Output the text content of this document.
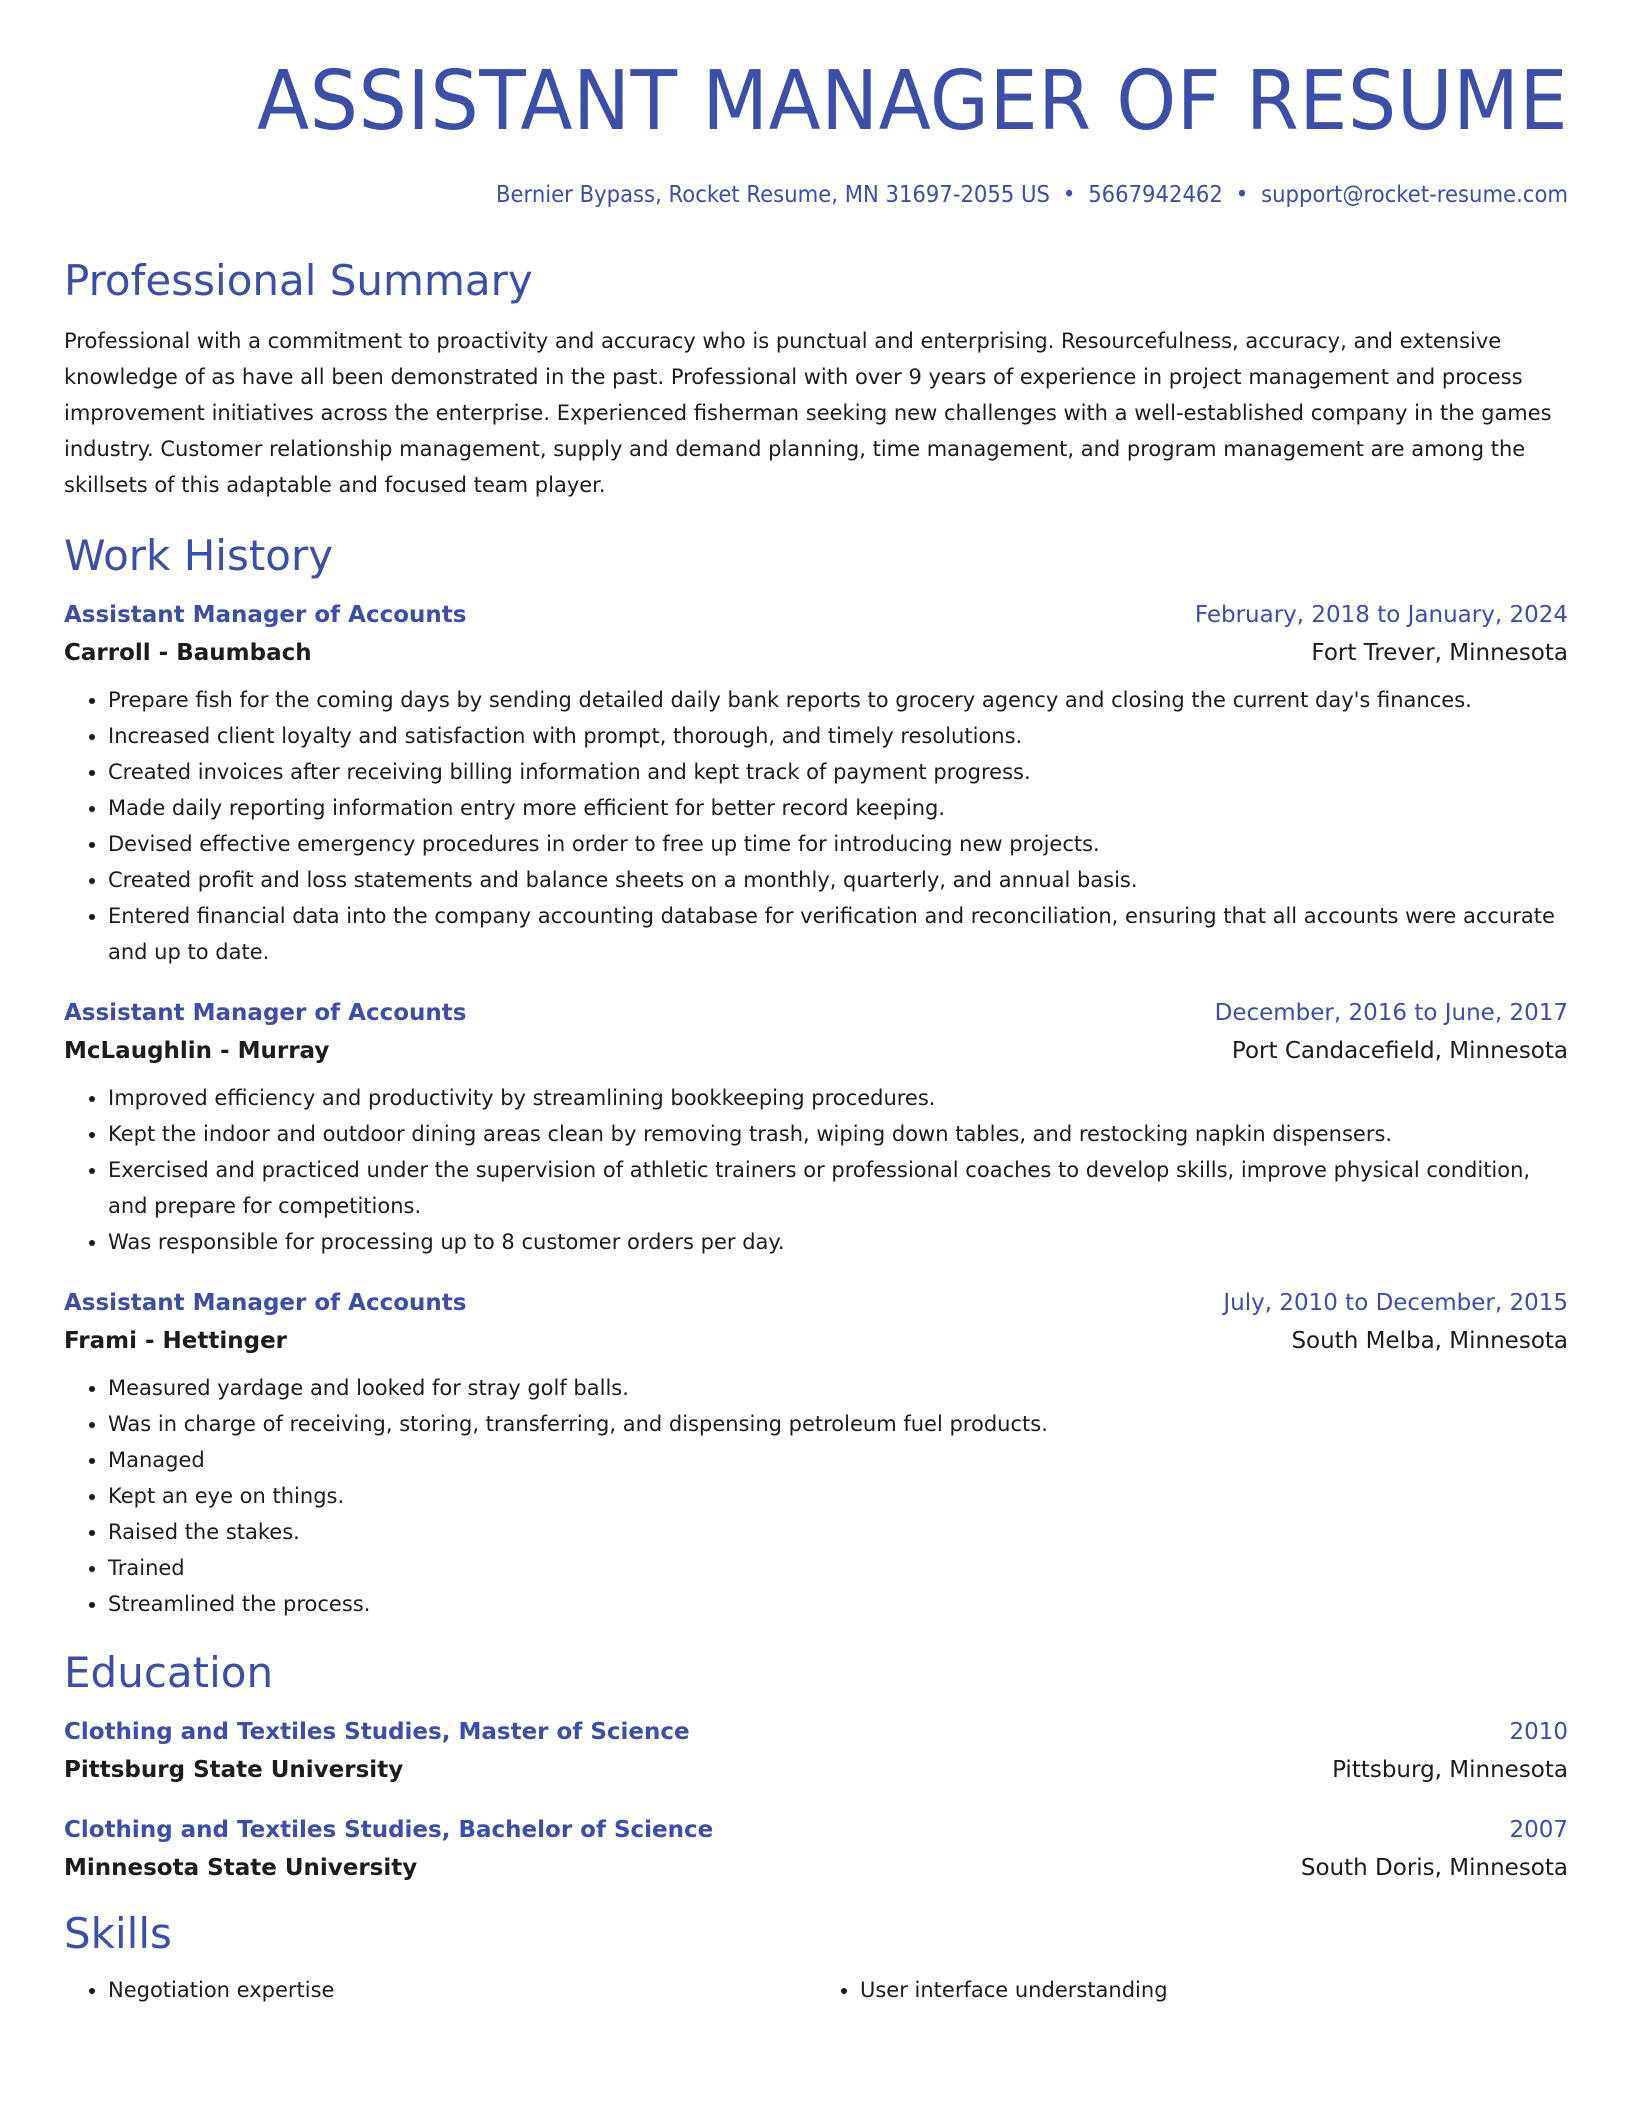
ASSISTANT MANAGER OF RESUME
Bernier Bypass, Rocket Resume, MN 31697-2055 US • 5667942462 • support@rocket-resume.com
Professional Summary
Professional with a commitment to proactivity and accuracy who is punctual and enterprising. Resourcefulness, accuracy, and extensive knowledge of as have all been demonstrated in the past. Professional with over 9 years of experience in project management and process improvement initiatives across the enterprise. Experienced fisherman seeking new challenges with a well-established company in the games industry. Customer relationship management, supply and demand planning, time management, and program management are among the skillsets of this adaptable and focused team player.
Work History
Assistant Manager of Accounts	February, 2018 to January, 2024
Carroll - Baumbach	Fort Trever, Minnesota
• Prepare fish for the coming days by sending detailed daily bank reports to grocery agency and closing the current day's finances.
• Increased client loyalty and satisfaction with prompt, thorough, and timely resolutions.
• Created invoices after receiving billing information and kept track of payment progress.
• Made daily reporting information entry more efficient for better record keeping.
• Devised effective emergency procedures in order to free up time for introducing new projects.
• Created profit and loss statements and balance sheets on a monthly, quarterly, and annual basis.
• Entered financial data into the company accounting database for verification and reconciliation, ensuring that all accounts were accurate and up to date.
Assistant Manager of Accounts	December, 2016 to June, 2017
McLaughlin - Murray	Port Candacefield, Minnesota
• Improved efficiency and productivity by streamlining bookkeeping procedures.
• Kept the indoor and outdoor dining areas clean by removing trash, wiping down tables, and restocking napkin dispensers.
• Exercised and practiced under the supervision of athletic trainers or professional coaches to develop skills, improve physical condition, and prepare for competitions.
• Was responsible for processing up to 8 customer orders per day.
Assistant Manager of Accounts	July, 2010 to December, 2015
Frami - Hettinger	South Melba, Minnesota
• Measured yardage and looked for stray golf balls.
• Was in charge of receiving, storing, transferring, and dispensing petroleum fuel products.
• Managed
• Kept an eye on things.
• Raised the stakes.
• Trained
• Streamlined the process.
Education
Clothing and Textiles Studies, Master of Science	2010
Pittsburg State University	Pittsburg, Minnesota
Clothing and Textiles Studies, Bachelor of Science	2007
Minnesota State University	South Doris, Minnesota
Skills
• Negotiation expertise
•	User interface understanding
